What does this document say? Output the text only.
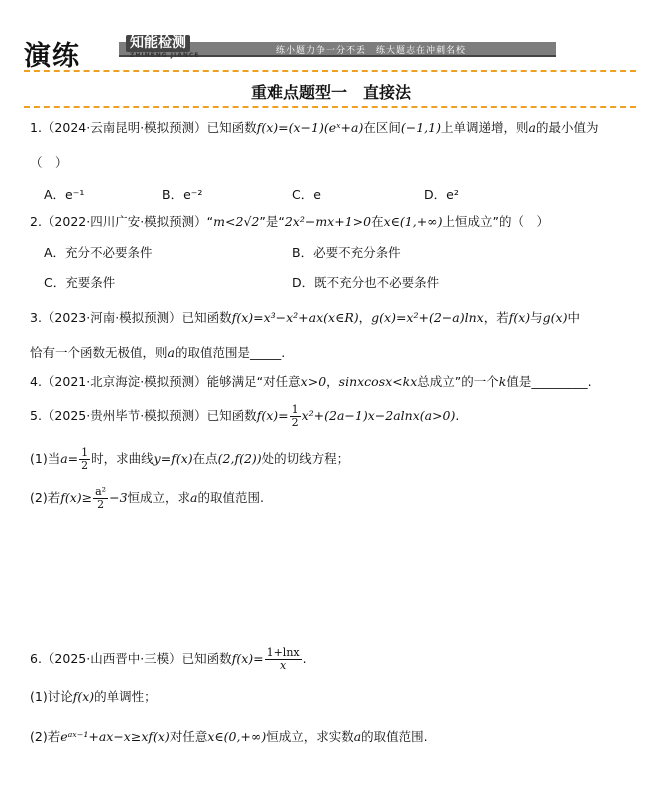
演练	知能检测
ZHINENG JIANCE	练小题力争一分不丢　练大题志在冲刺名校
重难点题型一　直接法
1.（2024·云南昆明·模拟预测）已知函数f(x)=(x−1)(eˣ+a)在区间(−1,1)上单调递增，则a的最小值为
（　）
A．e⁻¹	B．e⁻²	C．e	D．e²
2.（2022·四川广安·模拟预测）“m<2√2”是“2x²−mx+1>0在x∈(1,+∞)上恒成立”的（　）
A．充分不必要条件	B．必要不充分条件
C．充要条件	D．既不充分也不必要条件
3.（2023·河南·模拟预测）已知函数f(x)=x³−x²+ax(x∈R)，g(x)=x²+(2−a)lnx，若f(x)与g(x)中
恰有一个函数无极值，则a的取值范围是_____.
4.（2021·北京海淀·模拟预测）能够满足“对任意x>0，sinxcosx<kx总成立”的一个k值是_________.
5.（2025·贵州毕节·模拟预测）已知函数$f(x)= \frac{1}{2} x^2+(2a-1)x-2alnx(a>0)$.
(1)当$a= \frac{1}{2}$ 时，求曲线y=f(x)在点(2,f(2))处的切线方程；
(2)若$f(x)\ge \frac{\text{a²}}{2} -3$恒成立，求a的取值范围.
6.（2025·山西晋中·三模）已知函数$f(x)= \frac{1+\ln x}{x}$ .
(1)讨论f(x)的单调性；
(2)若eᵃˣ⁻¹+ax−x≥xf(x)对任意x∈(0,+∞)恒成立，求实数a的取值范围.
